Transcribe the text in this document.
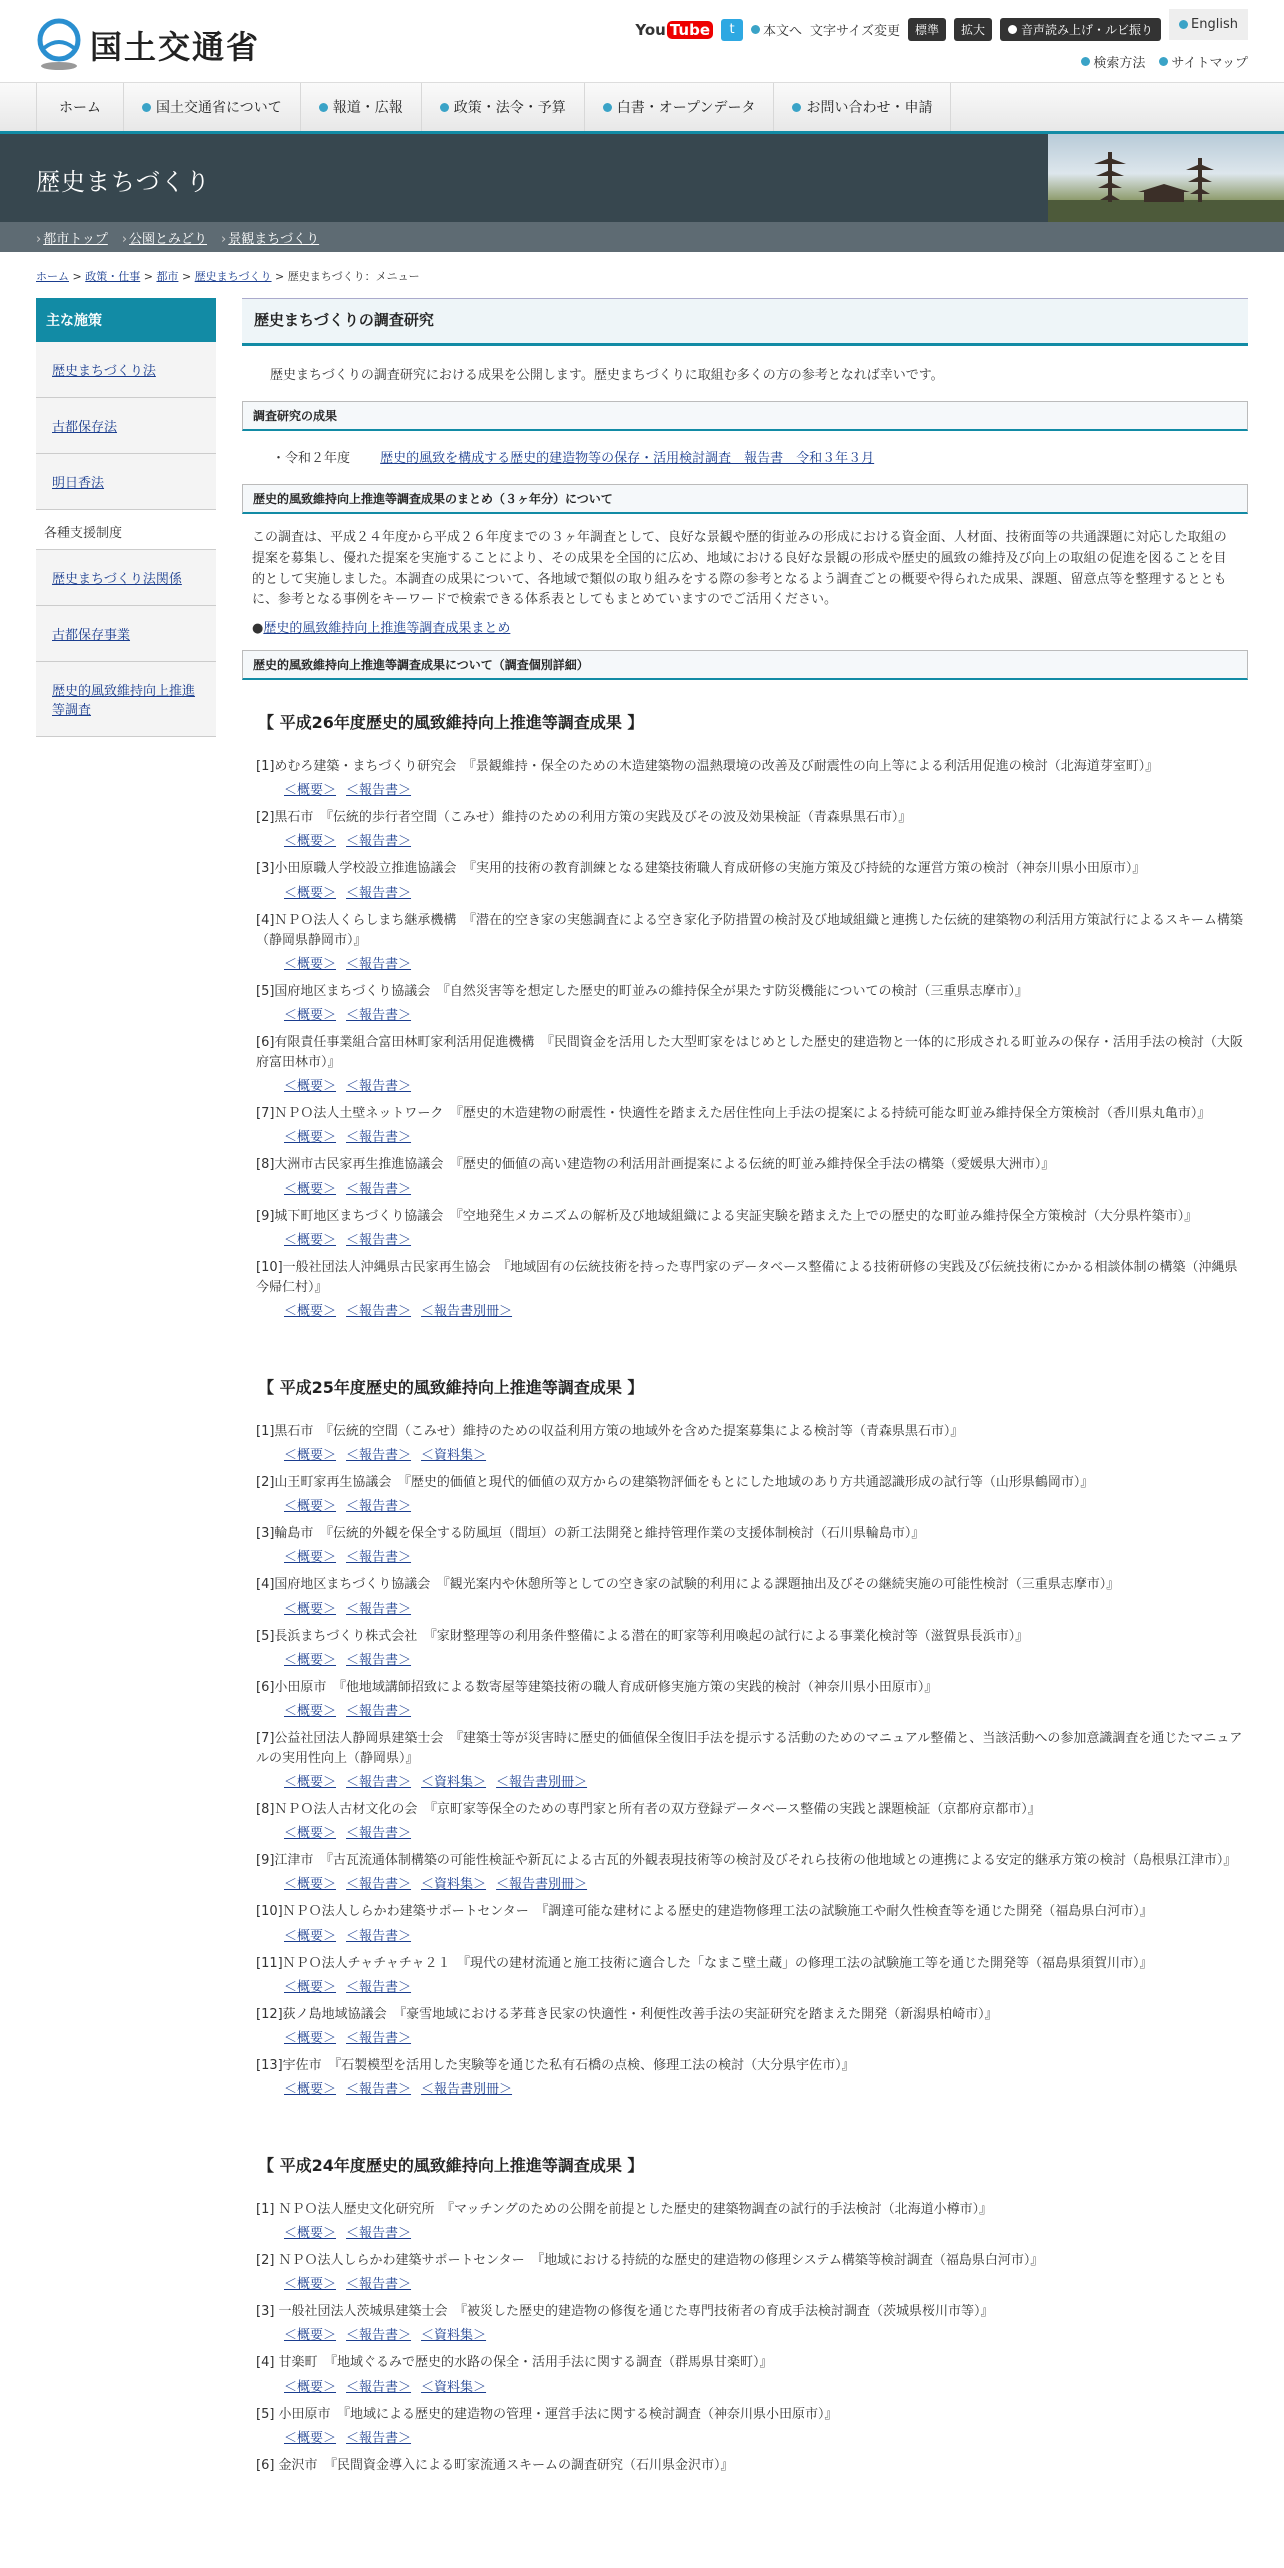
国土交通省	You Tube	t	本文へ 文字サイズ変更	標準	拡大	音声読み上げ・ルビ振り	English
検索方法 サイトマップ
ホーム	国土交通省について	報道・広報	政策・法令・予算	白書・オープンデータ	お問い合わせ・申請
歴史まちづくり
› 都市トップ › 公園とみどり › 景観まちづくり
ホーム > 政策・仕事 > 都市 > 歴史まちづくり > 歴史まちづくり：メニュー
主な施策
歴史まちづくり法
古都保存法
明日香法
各種支援制度
歴史まちづくり法関係
古都保存事業
歴史的風致維持向上推進等調査
歴史まちづくりの調査研究
歴史まちづくりの調査研究における成果を公開します。歴史まちづくりに取組む多くの方の参考となれば幸いです。
調査研究の成果
・令和２年度 歴史的風致を構成する歴史的建造物等の保存・活用検討調査　報告書　令和３年３月
歴史的風致維持向上推進等調査成果のまとめ（３ヶ年分）について
この調査は、平成２４年度から平成２６年度までの３ヶ年調査として、良好な景観や歴的街並みの形成における資金面、人材面、技術面等の共通課題に対応した取組の提案を募集し、優れた提案を実施することにより、その成果を全国的に広め、地域における良好な景観の形成や歴史的風致の維持及び向上の取組の促進を図ることを目的として実施しました。本調査の成果について、各地域で類似の取り組みをする際の参考となるよう調査ごとの概要や得られた成果、課題、留意点等を整理するとともに、参考となる事例をキーワードで検索できる体系表としてもまとめていますのでご活用ください。
●歴史的風致維持向上推進等調査成果まとめ
歴史的風致維持向上推進等調査成果について（調査個別詳細）
【 平成26年度歴史的風致維持向上推進等調査成果 】
[1]めむろ建築・まちづくり研究会　『景観維持・保全のための木造建築物の温熱環境の改善及び耐震性の向上等による利活用促進の検討（北海道芽室町）』
＜概要＞ ＜報告書＞
[2]黒石市　『伝統的歩行者空間（こみせ）維持のための利用方策の実践及びその波及効果検証（青森県黒石市）』
＜概要＞ ＜報告書＞
[3]小田原職人学校設立推進協議会　『実用的技術の教育訓練となる建築技術職人育成研修の実施方策及び持続的な運営方策の検討（神奈川県小田原市）』
＜概要＞ ＜報告書＞
[4]ＮＰＯ法人くらしまち継承機構　『潜在的空き家の実態調査による空き家化予防措置の検討及び地域組織と連携した伝統的建築物の利活用方策試行によるスキーム構築（静岡県静岡市）』
＜概要＞ ＜報告書＞
[5]国府地区まちづくり協議会　『自然災害等を想定した歴史的町並みの維持保全が果たす防災機能についての検討（三重県志摩市）』
＜概要＞ ＜報告書＞
[6]有限責任事業組合富田林町家利活用促進機構　『民間資金を活用した大型町家をはじめとした歴史的建造物と一体的に形成される町並みの保存・活用手法の検討（大阪府富田林市）』
＜概要＞ ＜報告書＞
[7]ＮＰＯ法人土壁ネットワーク　『歴史的木造建物の耐震性・快適性を踏まえた居住性向上手法の提案による持続可能な町並み維持保全方策検討（香川県丸亀市）』
＜概要＞ ＜報告書＞
[8]大洲市古民家再生推進協議会　『歴史的価値の高い建造物の利活用計画提案による伝統的町並み維持保全手法の構築（愛媛県大洲市）』
＜概要＞ ＜報告書＞
[9]城下町地区まちづくり協議会　『空地発生メカニズムの解析及び地域組織による実証実験を踏まえた上での歴史的な町並み維持保全方策検討（大分県杵築市）』
＜概要＞ ＜報告書＞
[10]一般社団法人沖縄県古民家再生協会　『地域固有の伝統技術を持った専門家のデータベース整備による技術研修の実践及び伝統技術にかかる相談体制の構築（沖縄県今帰仁村）』
＜概要＞ ＜報告書＞ ＜報告書別冊＞
【 平成25年度歴史的風致維持向上推進等調査成果 】
[1]黒石市　『伝統的空間（こみせ）維持のための収益利用方策の地域外を含めた提案募集による検討等（青森県黒石市）』
＜概要＞ ＜報告書＞ ＜資料集＞
[2]山王町家再生協議会　『歴史的価値と現代的価値の双方からの建築物評価をもとにした地域のあり方共通認識形成の試行等（山形県鶴岡市）』
＜概要＞ ＜報告書＞
[3]輪島市　『伝統的外観を保全する防風垣（間垣）の新工法開発と維持管理作業の支援体制検討（石川県輪島市）』
＜概要＞ ＜報告書＞
[4]国府地区まちづくり協議会　『観光案内や休憩所等としての空き家の試験的利用による課題抽出及びその継続実施の可能性検討（三重県志摩市）』
＜概要＞ ＜報告書＞
[5]長浜まちづくり株式会社　『家財整理等の利用条件整備による潜在的町家等利用喚起の試行による事業化検討等（滋賀県長浜市）』
＜概要＞ ＜報告書＞
[6]小田原市　『他地域講師招致による数寄屋等建築技術の職人育成研修実施方策の実践的検討（神奈川県小田原市）』
＜概要＞ ＜報告書＞
[7]公益社団法人静岡県建築士会　『建築士等が災害時に歴史的価値保全復旧手法を提示する活動のためのマニュアル整備と、当該活動への参加意識調査を通じたマニュアルの実用性向上（静岡県）』
＜概要＞ ＜報告書＞ ＜資料集＞ ＜報告書別冊＞
[8]ＮＰＯ法人古材文化の会　『京町家等保全のための専門家と所有者の双方登録データベース整備の実践と課題検証（京都府京都市）』
＜概要＞ ＜報告書＞
[9]江津市　『古瓦流通体制構築の可能性検証や新瓦による古瓦的外観表現技術等の検討及びそれら技術の他地域との連携による安定的継承方策の検討（島根県江津市）』
＜概要＞ ＜報告書＞ ＜資料集＞ ＜報告書別冊＞
[10]ＮＰＯ法人しらかわ建築サポートセンター　『調達可能な建材による歴史的建造物修理工法の試験施工や耐久性検査等を通じた開発（福島県白河市）』
＜概要＞ ＜報告書＞
[11]ＮＰＯ法人チャチャチャ２１　『現代の建材流通と施工技術に適合した「なまこ壁土蔵」の修理工法の試験施工等を通じた開発等（福島県須賀川市）』
＜概要＞ ＜報告書＞
[12]荻ノ島地域協議会　『豪雪地域における茅葺き民家の快適性・利便性改善手法の実証研究を踏まえた開発（新潟県柏崎市）』
＜概要＞ ＜報告書＞
[13]宇佐市　『石製模型を活用した実験等を通じた私有石橋の点検、修理工法の検討（大分県宇佐市）』
＜概要＞ ＜報告書＞ ＜報告書別冊＞
【 平成24年度歴史的風致維持向上推進等調査成果 】
[1] ＮＰＯ法人歴史文化研究所　『マッチングのための公開を前提とした歴史的建築物調査の試行的手法検討（北海道小樽市）』
＜概要＞ ＜報告書＞
[2] ＮＰＯ法人しらかわ建築サポートセンター　『地域における持続的な歴史的建造物の修理システム構築等検討調査（福島県白河市）』
＜概要＞ ＜報告書＞
[3] 一般社団法人茨城県建築士会　『被災した歴史的建造物の修復を通じた専門技術者の育成手法検討調査（茨城県桜川市等）』
＜概要＞ ＜報告書＞ ＜資料集＞
[4] 甘楽町　『地域ぐるみで歴史的水路の保全・活用手法に関する調査（群馬県甘楽町）』
＜概要＞ ＜報告書＞ ＜資料集＞
[5] 小田原市　『地域による歴史的建造物の管理・運営手法に関する検討調査（神奈川県小田原市）』
＜概要＞ ＜報告書＞
[6] 金沢市　『民間資金導入による町家流通スキームの調査研究（石川県金沢市）』
